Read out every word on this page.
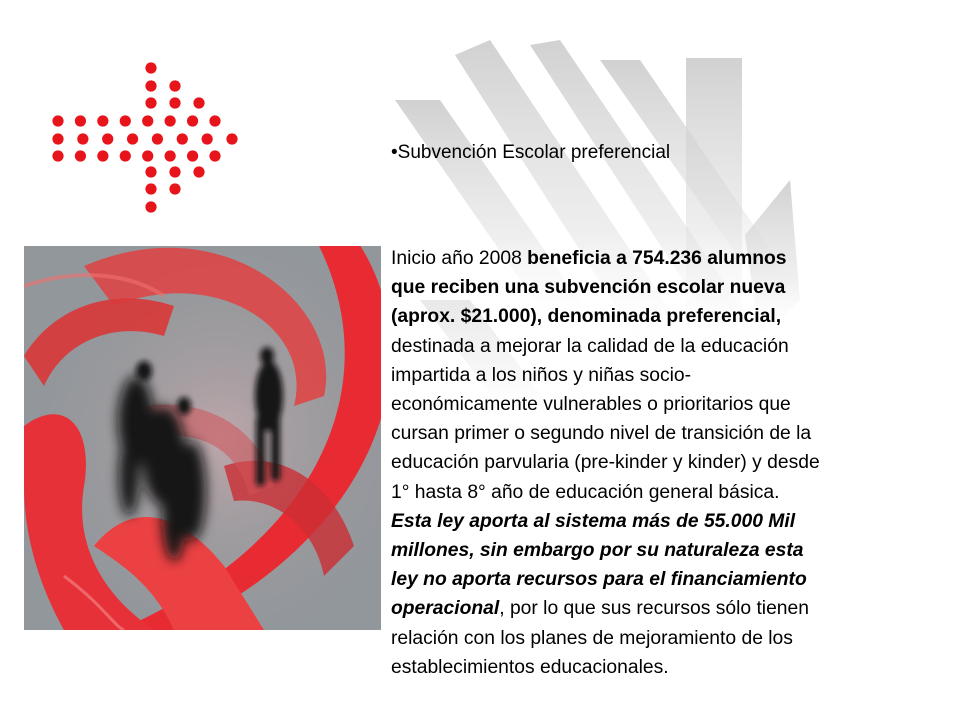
•Subvención Escolar preferencial

Inicio año 2008 beneficia a 754.236 alumnos
que reciben una subvención escolar nueva
(aprox. $21.000), denominada preferencial,
destinada a mejorar la calidad de la educación
impartida a los niños y niñas socio-
económicamente vulnerables o prioritarios que
cursan primer o segundo nivel de transición de la
educación parvularia (pre-kinder y kinder) y desde
1° hasta 8° año de educación general básica.
Esta ley aporta al sistema más de 55.000 Mil
millones, sin embargo por su naturaleza esta
ley no aporta recursos para el financiamiento
operacional, por lo que sus recursos sólo tienen
relación con los planes de mejoramiento de los
establecimientos educacionales.
